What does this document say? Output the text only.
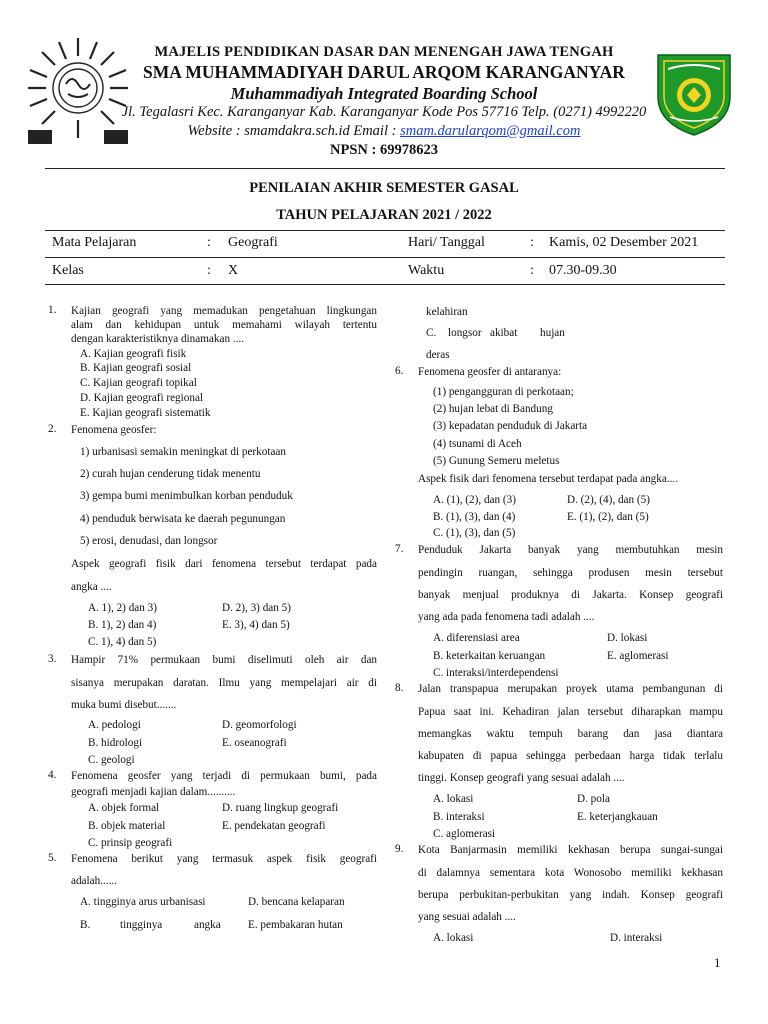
MAJELIS PENDIDIKAN DASAR DAN MENENGAH JAWA TENGAH
SMA MUHAMMADIYAH DARUL ARQOM KARANGANYAR
Muhammadiyah Integrated Boarding School
Jl. Tegalasri Kec. Karanganyar Kab. Karanganyar Kode Pos 57716 Telp. (0271) 4992220
Website : smamdakra.sch.id Email : smam.darularqom@gmail.com
NPSN : 69978623
PENILAIAN AKHIR SEMESTER GASAL
TAHUN PELAJARAN 2021 / 2022
Mata Pelajaran	: Geografi	Hari/ Tanggal	: Kamis, 02 Desember 2021
Kelas	: X	Waktu	: 07.30-09.30
1. Kajian geografi yang memadukan pengetahuan lingkungan
alam dan kehidupan untuk memahami wilayah tertentu
dengan karakteristiknya dinamakan ....
A. Kajian geografi fisik
B. Kajian geografi sosial
C. Kajian geografi topikal
D. Kajian geografi regional
E. Kajian geografi sistematik
2. Fenomena geosfer:
1) urbanisasi semakin meningkat di perkotaan
2) curah hujan cenderung tidak menentu
3) gempa bumi menimbulkan korban penduduk
4) penduduk berwisata ke daerah pegunungan
5) erosi, denudasi, dan longsor
Aspek geografi fisik dari fenomena tersebut terdapat pada
angka ....
A. 1), 2) dan 3)
B. 1), 2) dan 4)
C. 1), 4) dan 5)
D. 2), 3) dan 5)
E. 3), 4) dan 5)
3. Hampir 71% permukaan bumi diselimuti oleh air dan
sisanya merupakan daratan. Ilmu yang mempelajari air di
muka bumi disebut.......
A. pedologi
B. hidrologi
C. geologi
D. geomorfologi
E. oseanografi
4. Fenomena geosfer yang terjadi di permukaan bumi, pada
geografi menjadi kajian dalam..........
A. objek formal
B. objek material
C. prinsip geografi
D. ruang lingkup geografi
E. pendekatan geografi
5. Fenomena berikut yang termasuk aspek fisik geografi
adalah......
A. tingginya arus urbanisasi	D. bencana kelaparan
B.	tingginya	angka E. pembakaran hutan
kelahiran
C. longsor akibat hujan
deras
6. Fenomena geosfer di antaranya:
(1) pengangguran di perkotaan;
(2) hujan lebat di Bandung
(3) kepadatan penduduk di Jakarta
(4) tsunami di Aceh
(5) Gunung Semeru meletus
Aspek fisik dari fenomena tersebut terdapat pada angka....
A. (1), (2), dan (3)
B. (1), (3), dan (4)
C. (1), (3), dan (5)
D. (2), (4), dan (5)
E. (1), (2), dan (5)
7. Penduduk Jakarta banyak yang membutuhkan mesin
pendingin ruangan, sehingga produsen mesin tersebut
banyak menjual produknya di Jakarta. Konsep geografi
yang ada pada fenomena tadi adalah ....
A. diferensiasi area
B. keterkaitan keruangan
C. interaksi/interdependensi
D. lokasi
E. aglomerasi
8. Jalan transpapua merupakan proyek utama pembangunan di
Papua saat ini. Kehadiran jalan tersebut diharapkan mampu
memangkas waktu tempuh barang dan jasa diantara
kabupaten di papua sehingga perbedaan harga tidak terlalu
tinggi. Konsep geografi yang sesuai adalah ....
A. lokasi
B. interaksi
C. aglomerasi
D. pola
E. keterjangkauan
9. Kota Banjarmasin memiliki kekhasan berupa sungai-sungai
di dalamnya sementara kota Wonosobo memiliki kekhasan
berupa perbukitan-perbukitan yang indah. Konsep geografi
yang sesuai adalah ....
A. lokasi	D. interaksi
1
